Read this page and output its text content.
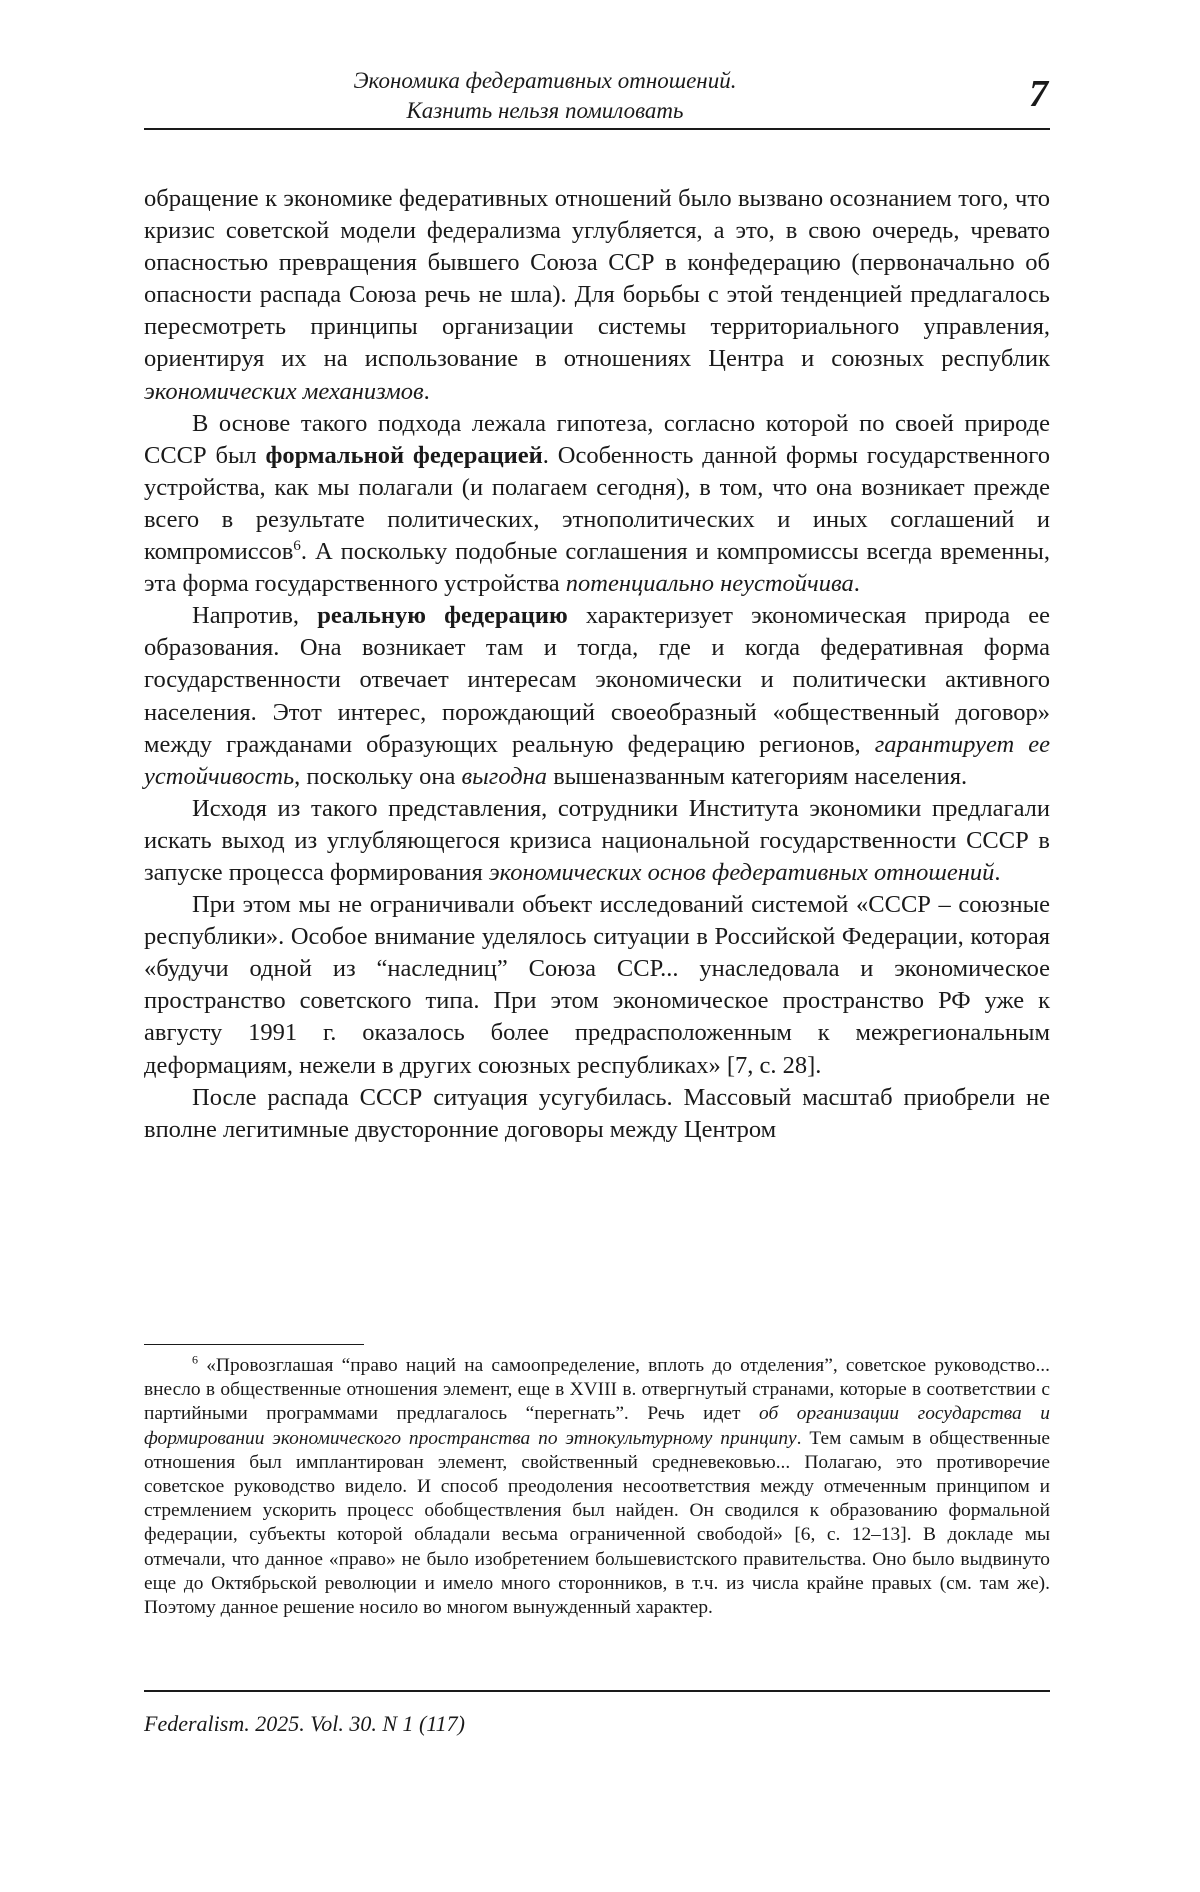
Экономика федеративных отношений.
Казнить нельзя помиловать	7

обращение к экономике федеративных отношений было вызвано осознанием того, что кризис советской модели федерализма углубляется, а это, в свою очередь, чревато опасностью превращения бывшего Союза ССР в конфедерацию (первоначально об опасности распада Союза речь не шла). Для борьбы с этой тенденцией предлагалось пересмотреть принципы организации системы территориального управления, ориентируя их на использование в отношениях Центра и союзных республик экономических механизмов.

В основе такого подхода лежала гипотеза, согласно которой по своей природе СССР был формальной федерацией. Особенность данной формы государственного устройства, как мы полагали (и полагаем сегодня), в том, что она возникает прежде всего в результате политических, этнополитических и иных соглашений и компромиссов$^6$. А поскольку подобные соглашения и компромиссы всегда временны, эта форма государственного устройства потенциально неустойчива.

Напротив, реальную федерацию характеризует экономическая природа ее образования. Она возникает там и тогда, где и когда федеративная форма государственности отвечает интересам экономически и политически активного населения. Этот интерес, порождающий своеобразный «общественный договор» между гражданами образующих реальную федерацию регионов, гарантирует ее устойчивость, поскольку она выгодна вышеназванным категориям населения.

Исходя из такого представления, сотрудники Института экономики предлагали искать выход из углубляющегося кризиса национальной государственности СССР в запуске процесса формирования экономических основ федеративных отношений.

При этом мы не ограничивали объект исследований системой «СССР – союзные республики». Особое внимание уделялось ситуации в Российской Федерации, которая «будучи одной из “наследниц” Союза ССР... унаследовала и экономическое пространство советского типа. При этом экономическое пространство РФ уже к августу 1991 г. оказалось более предрасположенным к межрегиональным деформациям, нежели в других союзных республиках» [7, с. 28].

После распада СССР ситуация усугубилась. Массовый масштаб приобрели не вполне легитимные двусторонние договоры между Центром

$^6$ «Провозглашая “право наций на самоопределение, вплоть до отделения”, советское руководство... внесло в общественные отношения элемент, еще в XVIII в. отвергнутый странами, которые в соответствии с партийными программами предлагалось “перегнать”. Речь идет об организации государства и формировании экономического пространства по этнокультурному принципу. Тем самым в общественные отношения был имплантирован элемент, свойственный средневековью... Полагаю, это противоречие советское руководство видело. И способ преодоления несоответствия между отмеченным принципом и стремлением ускорить процесс обобществления был найден. Он сводился к образованию формальной федерации, субъекты которой обладали весьма ограниченной свободой» [6, с. 12–13]. В докладе мы отмечали, что данное «право» не было изобретением большевистского правительства. Оно было выдвинуто еще до Октябрьской революции и имело много сторонников, в т.ч. из числа крайне правых (см. там же). Поэтому данное решение носило во многом вынужденный характер.
Federalism. 2025. Vol. 30. N 1 (117)
